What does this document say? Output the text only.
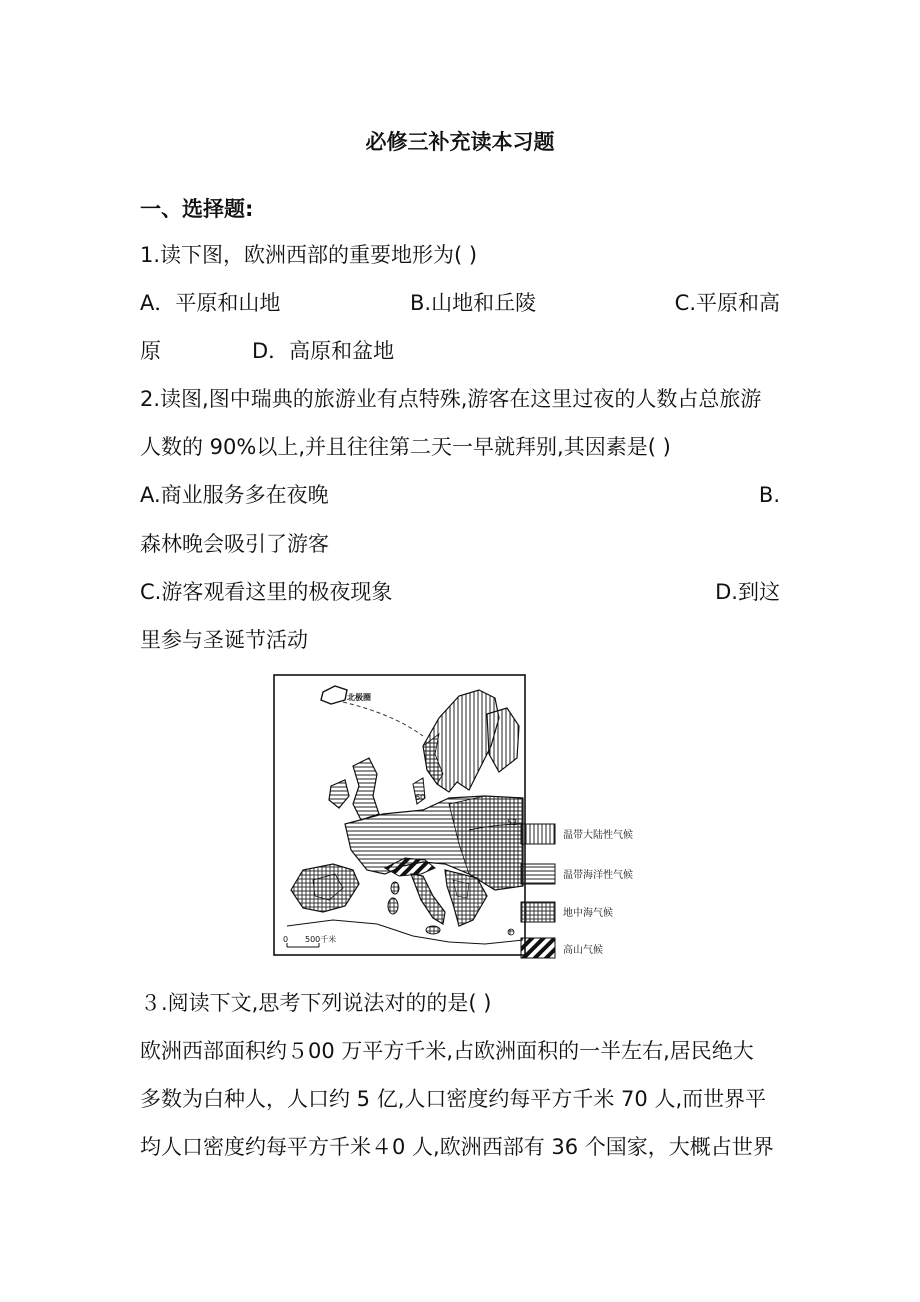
必修三补充读本习题
一、选择题:
1.读下图，欧洲西部的重要地形为( )
A．平原和山地	B.山地和丘陵	C.平原和高
原	D．高原和盆地
2.读图,图中瑞典的旅游业有点特殊,游客在这里过夜的人数占总旅游
人数的 90%以上,并且往往第二天一早就拜别,其因素是( )
A.商业服务多在夜晚	B.
森林晚会吸引了游客
C.游客观看这里的极夜现象	D.到这
里参与圣诞节活动
北极圈
60
52
0 500千米
温带大陆性气候
温带海洋性气候
地中海气候
高山气候
３.阅读下文,思考下列说法对的的是( )
欧洲西部面积约５00 万平方千米,占欧洲面积的一半左右,居民绝大
多数为白种人，人口约 5 亿,人口密度约每平方千米 70 人,而世界平
均人口密度约每平方千米４0 人,欧洲西部有 36 个国家，大概占世界
